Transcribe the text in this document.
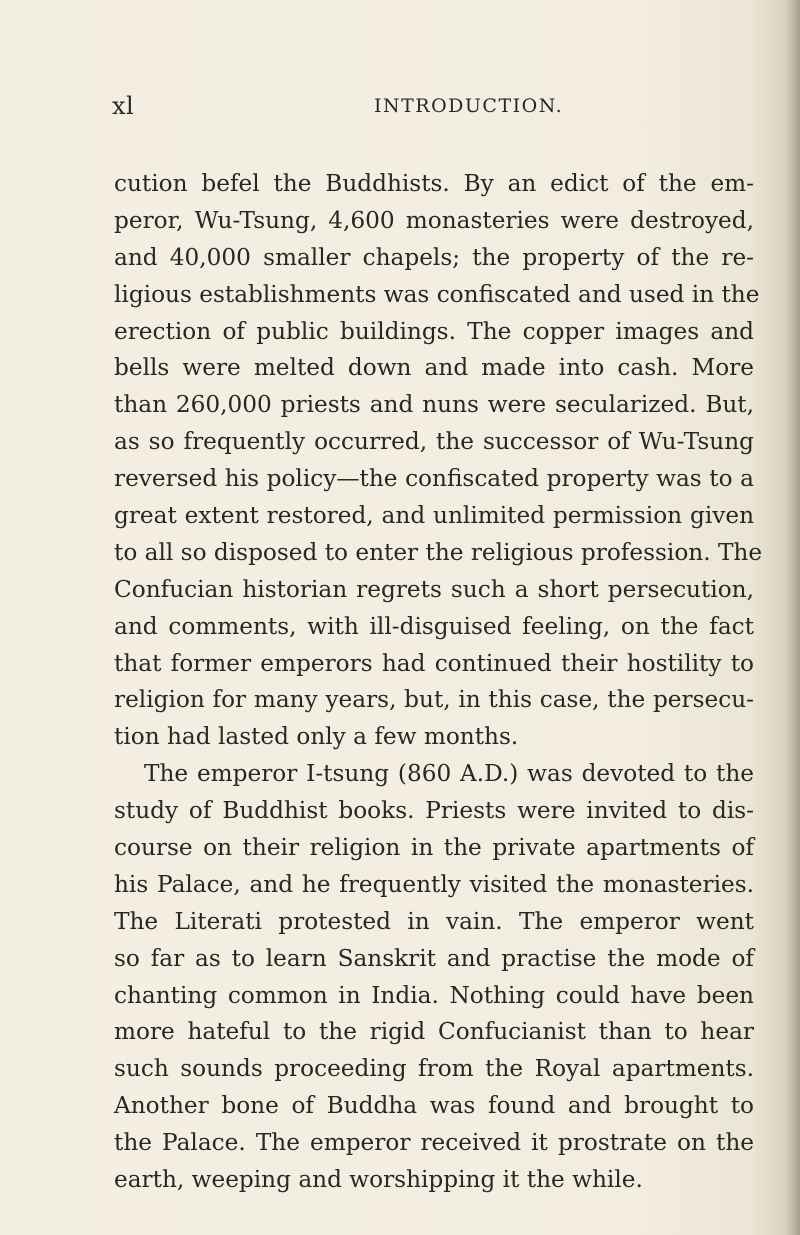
xl	INTRODUCTION.
cution befel the Buddhists. By an edict of the em-
peror, Wu-Tsung, 4,600 monasteries were destroyed,
and 40,000 smaller chapels; the property of the re-
ligious establishments was confiscated and used in the
erection of public buildings. The copper images and
bells were melted down and made into cash. More
than 260,000 priests and nuns were secularized. But,
as so frequently occurred, the successor of Wu-Tsung
reversed his policy—the confiscated property was to a
great extent restored, and unlimited permission given
to all so disposed to enter the religious profession. The
Confucian historian regrets such a short persecution,
and comments, with ill-disguised feeling, on the fact
that former emperors had continued their hostility to
religion for many years, but, in this case, the persecu-
tion had lasted only a few months.
The emperor I-tsung (860 A.D.) was devoted to the
study of Buddhist books. Priests were invited to dis-
course on their religion in the private apartments of
his Palace, and he frequently visited the monasteries.
The Literati protested in vain. The emperor went
so far as to learn Sanskrit and practise the mode of
chanting common in India. Nothing could have been
more hateful to the rigid Confucianist than to hear
such sounds proceeding from the Royal apartments.
Another bone of Buddha was found and brought to
the Palace. The emperor received it prostrate on the
earth, weeping and worshipping it the while.
